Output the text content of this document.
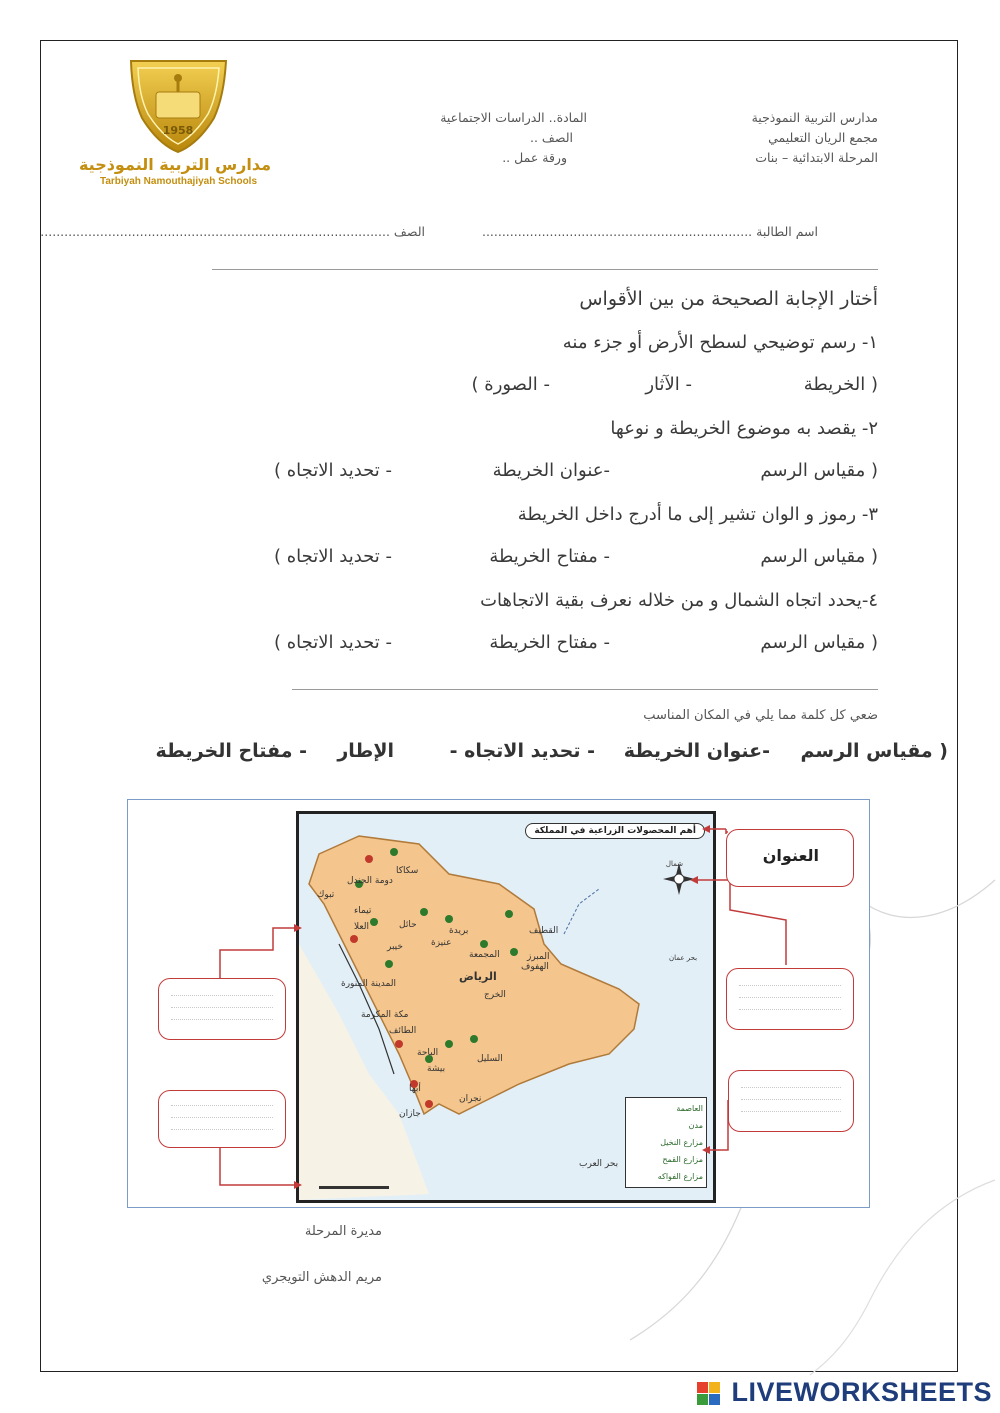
1958
مدارس التربية النموذجية
Tarbiyah Namouthajiyah Schools
مدارس التربية النموذجية
مجمع الريان التعليمي
المرحلة الابتدائية – بنات
المادة.. الدراسات الاجتماعية
الصف ..
ورقة عمل ..
اسم الطالبة ....................................................................
الصف ........................................................................................
أختار الإجابة الصحيحة من بين الأقواس
١- رسم توضيحي لسطح الأرض أو جزء منه
( الخريطة
- الآثار
- الصورة )
٢- يقصد به موضوع الخريطة و نوعها
( مقياس الرسم
-عنوان الخريطة
- تحديد الاتجاه )
٣- رموز و الوان تشير إلى ما أدرج داخل الخريطة
( مقياس الرسم
- مفتاح الخريطة
- تحديد الاتجاه )
٤-يحدد اتجاه الشمال و من خلاله نعرف بقية الاتجاهات
( مقياس الرسم
- مفتاح الخريطة
- تحديد الاتجاه )
ضعي كل كلمة مما يلي في المكان المناسب
( مقياس الرسم
-عنوان الخريطة
- تحديد الاتجاه -
الإطار
- مفتاح الخريطة
أهم المحصولات الزراعية في المملكة
شمال
سكاكا
دومة الجندل
تبوك
تيماء
حائل
العلا	بريدة
عنيزة
خيبر
المجمعة
القطيف
المبرز
الهفوف
الرياض
الخرج
المدينة المنورة
مكة المكرمة
الطائف
الباحة
بيشة
أبها
السليل
نجران
جازان
بحر العرب
بحر عمان
العاصمة
مدن
مزارع النخيل
مزارع القمح
مزارع الفواكه
العنوان
مديرة المرحلة
مريم الدهش التويجري
LIVEWORKSHEETS
